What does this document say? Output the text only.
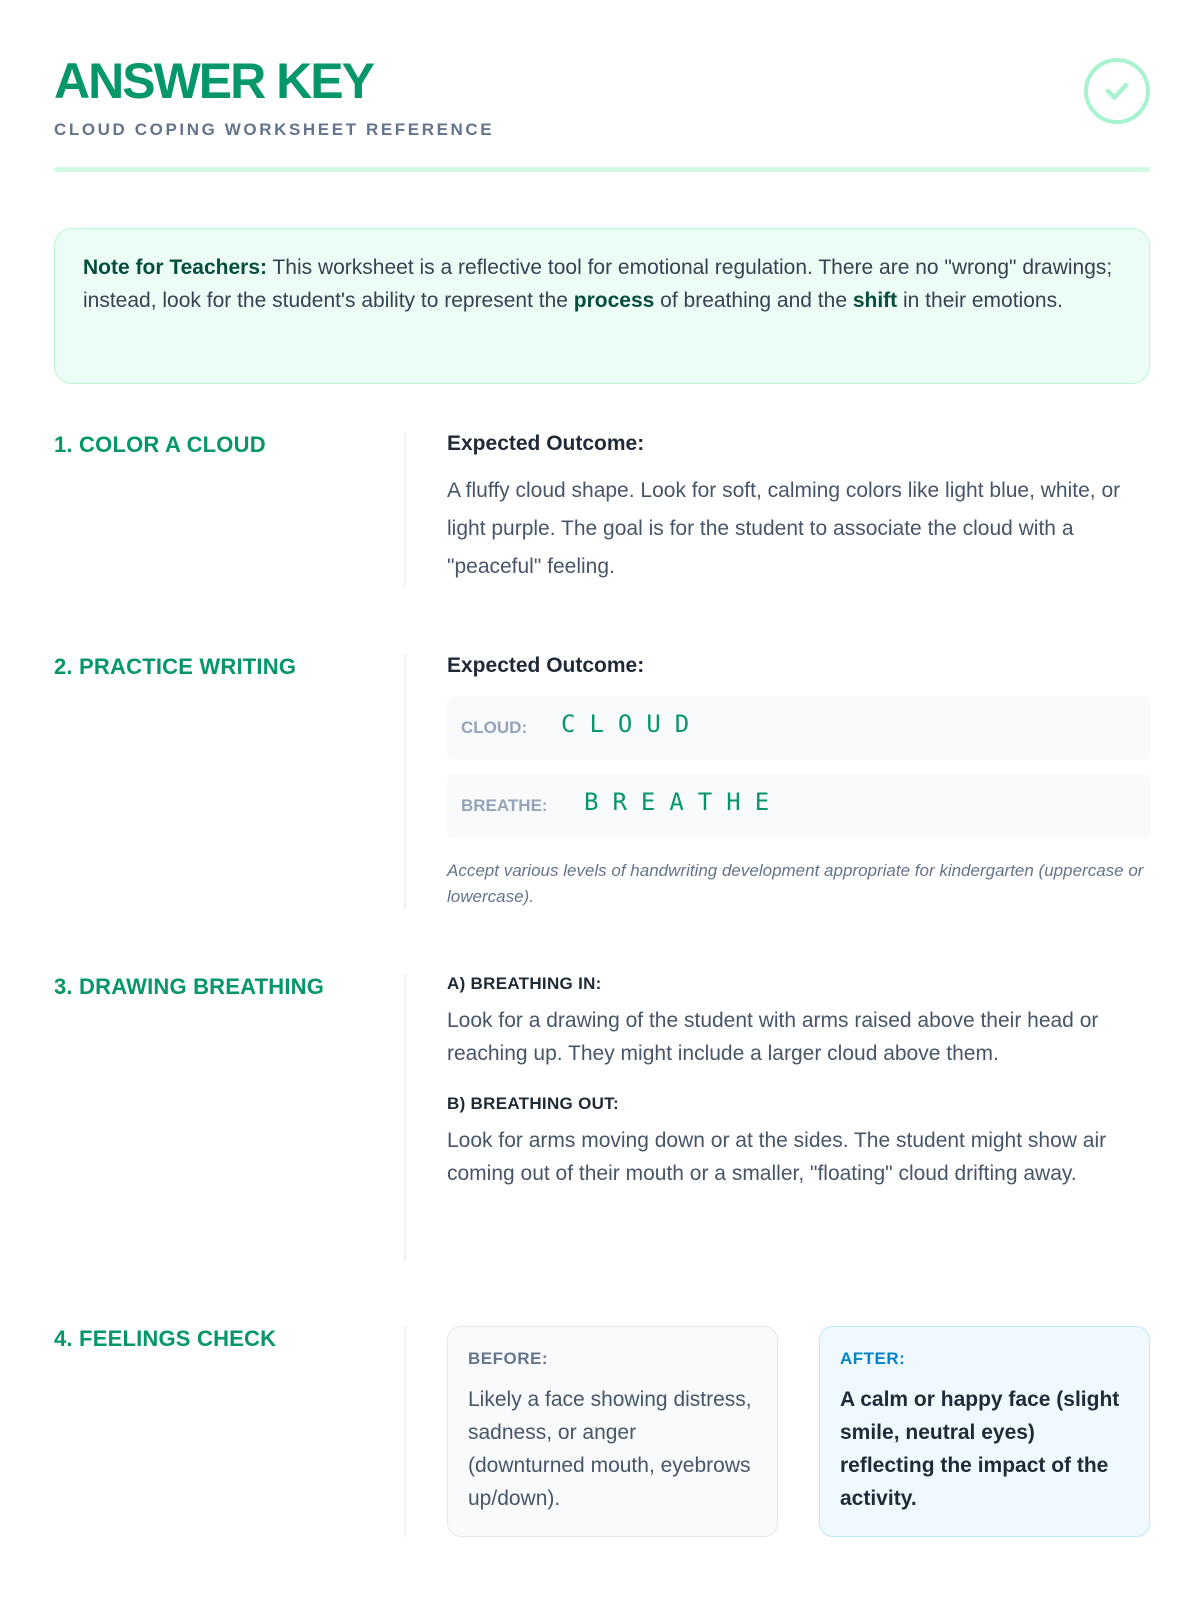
ANSWER KEY
CLOUD COPING WORKSHEET REFERENCE
Note for Teachers: This worksheet is a reflective tool for emotional regulation. There are no "wrong" drawings; instead, look for the student's ability to represent the process of breathing and the shift in their emotions.
1. COLOR A CLOUD	Expected Outcome:
A fluffy cloud shape. Look for soft, calming colors like light blue, white, or light purple. The goal is for the student to associate the cloud with a "peaceful" feeling.
2. PRACTICE WRITING	Expected Outcome:
CLOUD: CLOUD
BREATHE: BREATHE
Accept various levels of handwriting development appropriate for kindergarten (uppercase or lowercase).
3. DRAWING BREATHING	A) BREATHING IN:
Look for a drawing of the student with arms raised above their head or reaching up. They might include a larger cloud above them.
B) BREATHING OUT:
Look for arms moving down or at the sides. The student might show air coming out of their mouth or a smaller, "floating" cloud drifting away.
4. FEELINGS CHECK
BEFORE:
Likely a face showing distress, sadness, or anger (downturned mouth, eyebrows up/down).
AFTER:
A calm or happy face (slight smile, neutral eyes) reflecting the impact of the activity.
